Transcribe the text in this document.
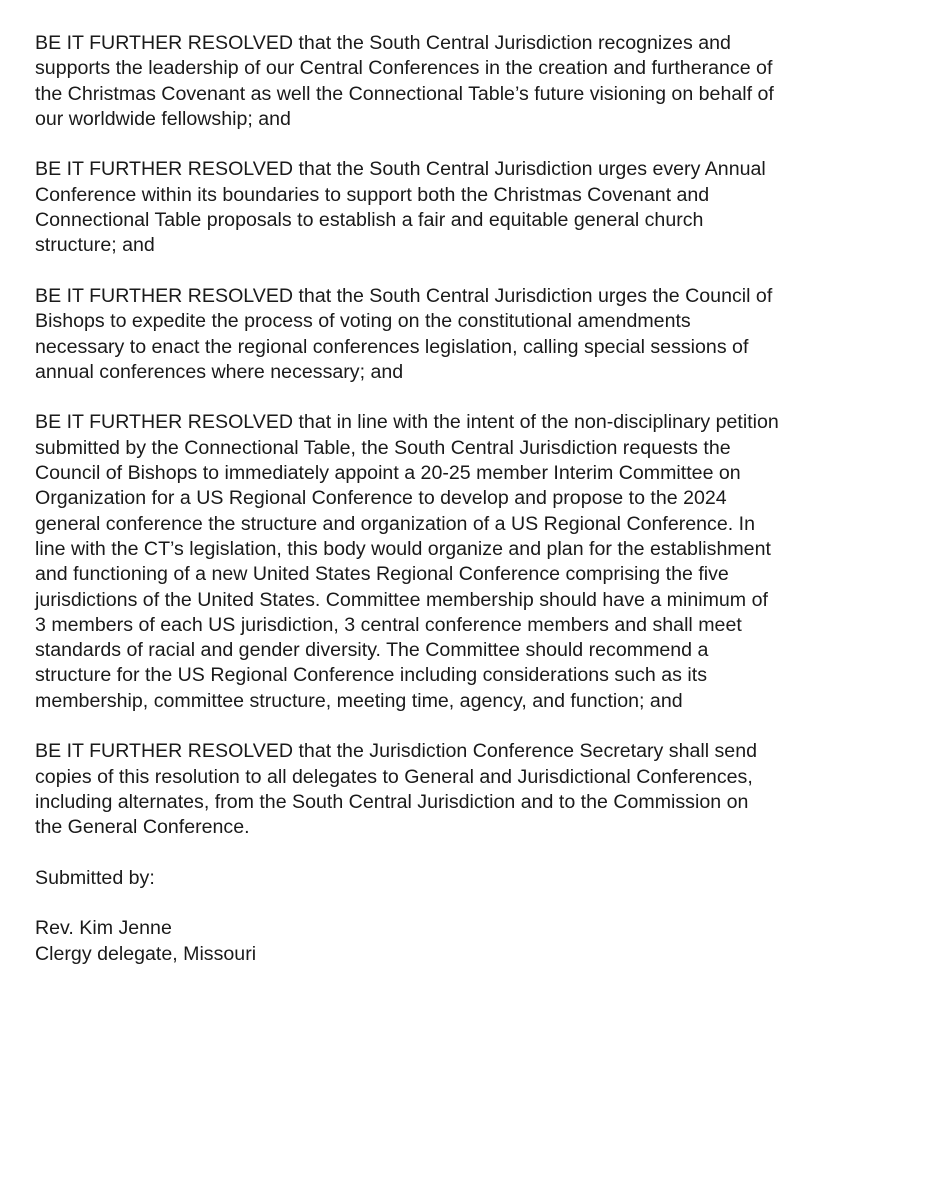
BE IT FURTHER RESOLVED that the South Central Jurisdiction recognizes and
supports the leadership of our Central Conferences in the creation and furtherance of
the Christmas Covenant as well the Connectional Table’s future visioning on behalf of
our worldwide fellowship; and

BE IT FURTHER RESOLVED that the South Central Jurisdiction urges every Annual
Conference within its boundaries to support both the Christmas Covenant and
Connectional Table proposals to establish a fair and equitable general church
structure; and

BE IT FURTHER RESOLVED that the South Central Jurisdiction urges the Council of
Bishops to expedite the process of voting on the constitutional amendments
necessary to enact the regional conferences legislation, calling special sessions of
annual conferences where necessary; and

BE IT FURTHER RESOLVED that in line with the intent of the non-disciplinary petition
submitted by the Connectional Table, the South Central Jurisdiction requests the
Council of Bishops to immediately appoint a 20-25 member Interim Committee on
Organization for a US Regional Conference to develop and propose to the 2024
general conference the structure and organization of a US Regional Conference. In
line with the CT’s legislation, this body would organize and plan for the establishment
and functioning of a new United States Regional Conference comprising the five
jurisdictions of the United States. Committee membership should have a minimum of
3 members of each US jurisdiction, 3 central conference members and shall meet
standards of racial and gender diversity. The Committee should recommend a
structure for the US Regional Conference including considerations such as its
membership, committee structure, meeting time, agency, and function; and

BE IT FURTHER RESOLVED that the Jurisdiction Conference Secretary shall send
copies of this resolution to all delegates to General and Jurisdictional Conferences,
including alternates, from the South Central Jurisdiction and to the Commission on
the General Conference.

Submitted by:

Rev. Kim Jenne

Clergy delegate, Missouri
